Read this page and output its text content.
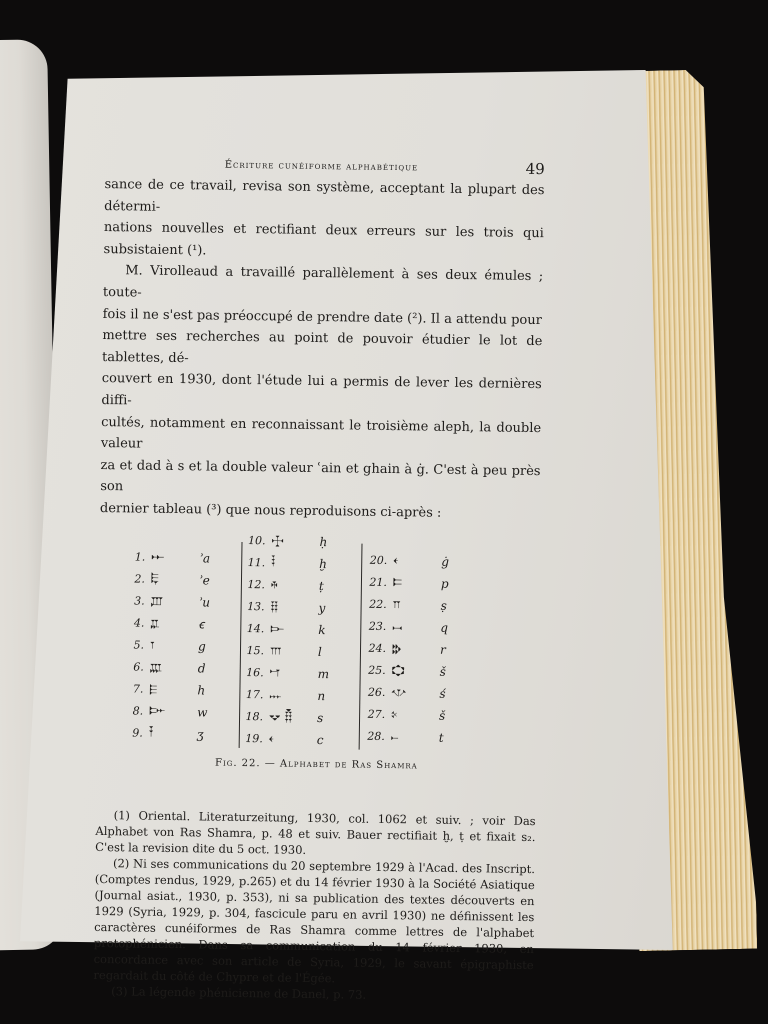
Écriture cunéiforme alphabétique	49

sance de ce travail, revisa son système, acceptant la plupart des détermi-

nations nouvelles et rectifiant deux erreurs sur les trois qui subsistaient (¹).

M. Virolleaud a travaillé parallèlement à ses deux émules ; toute-

fois il ne s'est pas préoccupé de prendre date (²). Il a attendu pour

mettre ses recherches au point de pouvoir étudier le lot de tablettes, dé-

couvert en 1930, dont l'étude lui a permis de lever les dernières diffi-

cultés, notamment en reconnaissant le troisième aleph, la double valeur

za et dad à s et la double valeur ʿain et ghain à ġ. C'est à peu près son

dernier tableau (³) que nous reproduisons ci-après :

1. 𐎀	ʾa
2. 𐎛	ʾe
3. 𐎜	ʾu
4. 𐎁	ꞓ
5. 𐎂	g
6. 𐎄	d
7. 𐎅	h
8. 𐎆	w
9. 𐎇	ʒ
10. 𐎈	ḥ
11. 𐎃	ḫ
12. 𐎉	ṭ
13. 𐎊	y
14. 𐎋	k
15. 𐎍	l
16. 𐎎	m
17. 𐎐	n
18. 𐎒 𐎝	s
19. 𐎓	c
20. 𐎓	ġ
21. 𐎔	p
22. 𐎕	ṣ
23. 𐎖	q
24. 𐎗	r
25. 𐎘	š
26. 𐎌	ś
27. 𐎙	š
28. 𐎚	t
Fig. 22. — Alphabet de Ras Shamra

(1) Oriental. Literaturzeitung, 1930, col. 1062 et suiv. ; voir Das Alphabet von Ras Shamra, p. 48 et suiv. Bauer rectifiait ḫ, ṭ et fixait s₂. C'est la revision dite du 5 oct. 1930.

(2) Ni ses communications du 20 septembre 1929 à l'Acad. des Inscript. (Comptes rendus, 1929, p.265) et du 14 février 1930 à la Société Asiatique (Journal asiat., 1930, p. 353), ni sa publication des textes découverts en 1929 (Syria, 1929, p. 304, fascicule paru en avril 1930) ne définissent les caractères cunéiformes de Ras Shamra comme lettres de l'alphabet protophénicien. Dans sa communication du 14 février 1930, en concordance avec son article de Syria, 1929, le savant épigraphiste regardait du côté de Chypre et de l'Égée.

(3) La légende phénicienne de Danel, p. 73.
